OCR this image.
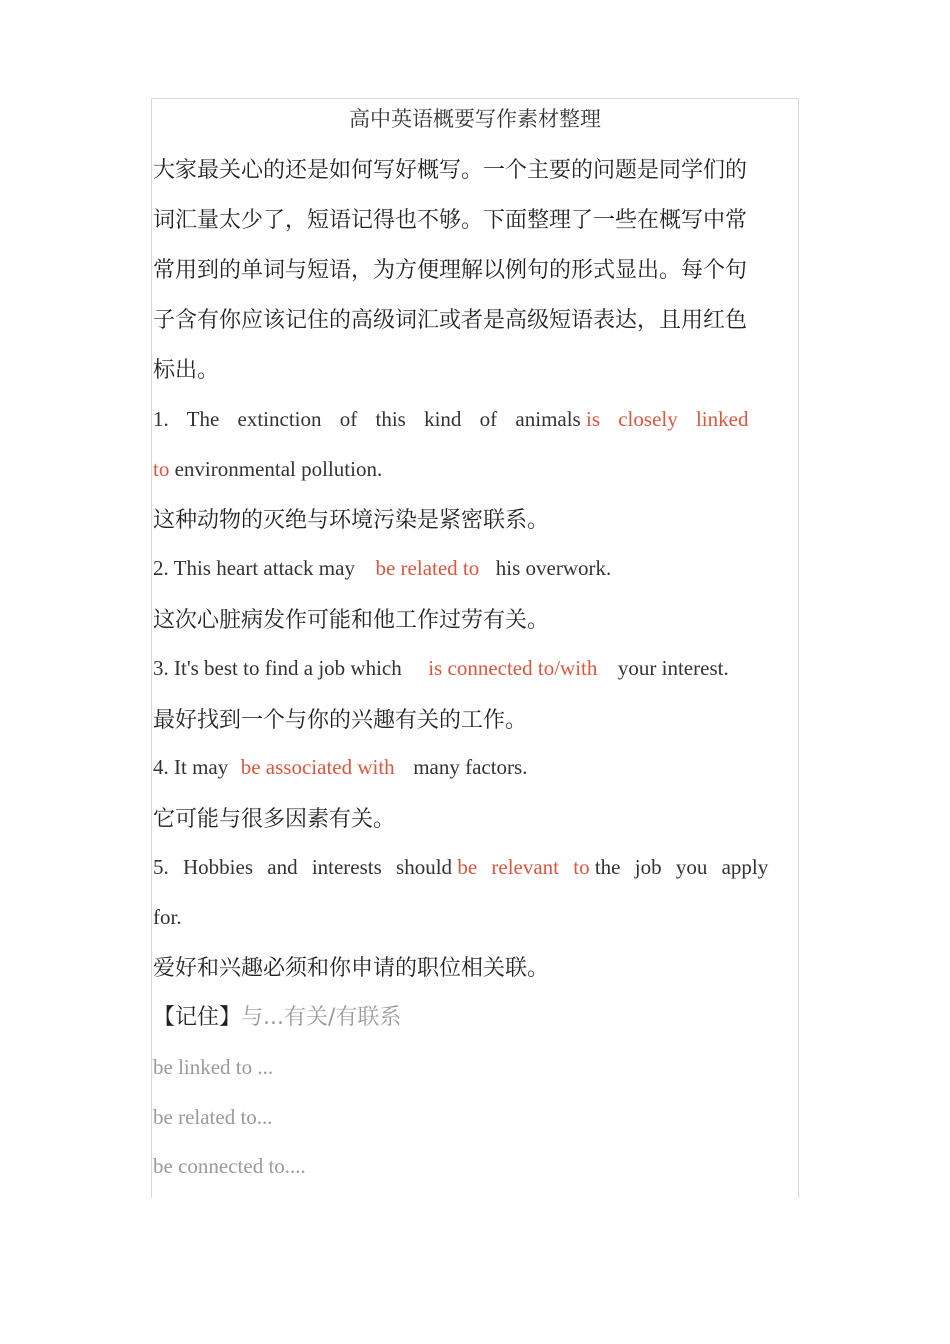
高中英语概要写作素材整理
大家最关心的还是如何写好概写。一个主要的问题是同学们的
词汇量太少了，短语记得也不够。下面整理了一些在概写中常
常用到的单词与短语，为方便理解以例句的形式显出。每个句
子含有你应该记住的高级词汇或者是高级短语表达，且用红色
标出。
1. The extinction of this kind of animals is closely linked
to environmental pollution.
这种动物的灭绝与环境污染是紧密联系。
2. This heart attack may be related to his overwork.
这次心脏病发作可能和他工作过劳有关。
3. It's best to find a job which is connected to/with your interest.
最好找到一个与你的兴趣有关的工作。
4. It may be associated with many factors.
它可能与很多因素有关。
5. Hobbies and interests should be relevant to the job you apply
for.
爱好和兴趣必须和你申请的职位相关联。
【记住】与...有关/有联系
be linked to ...
be related to...
be connected to....
